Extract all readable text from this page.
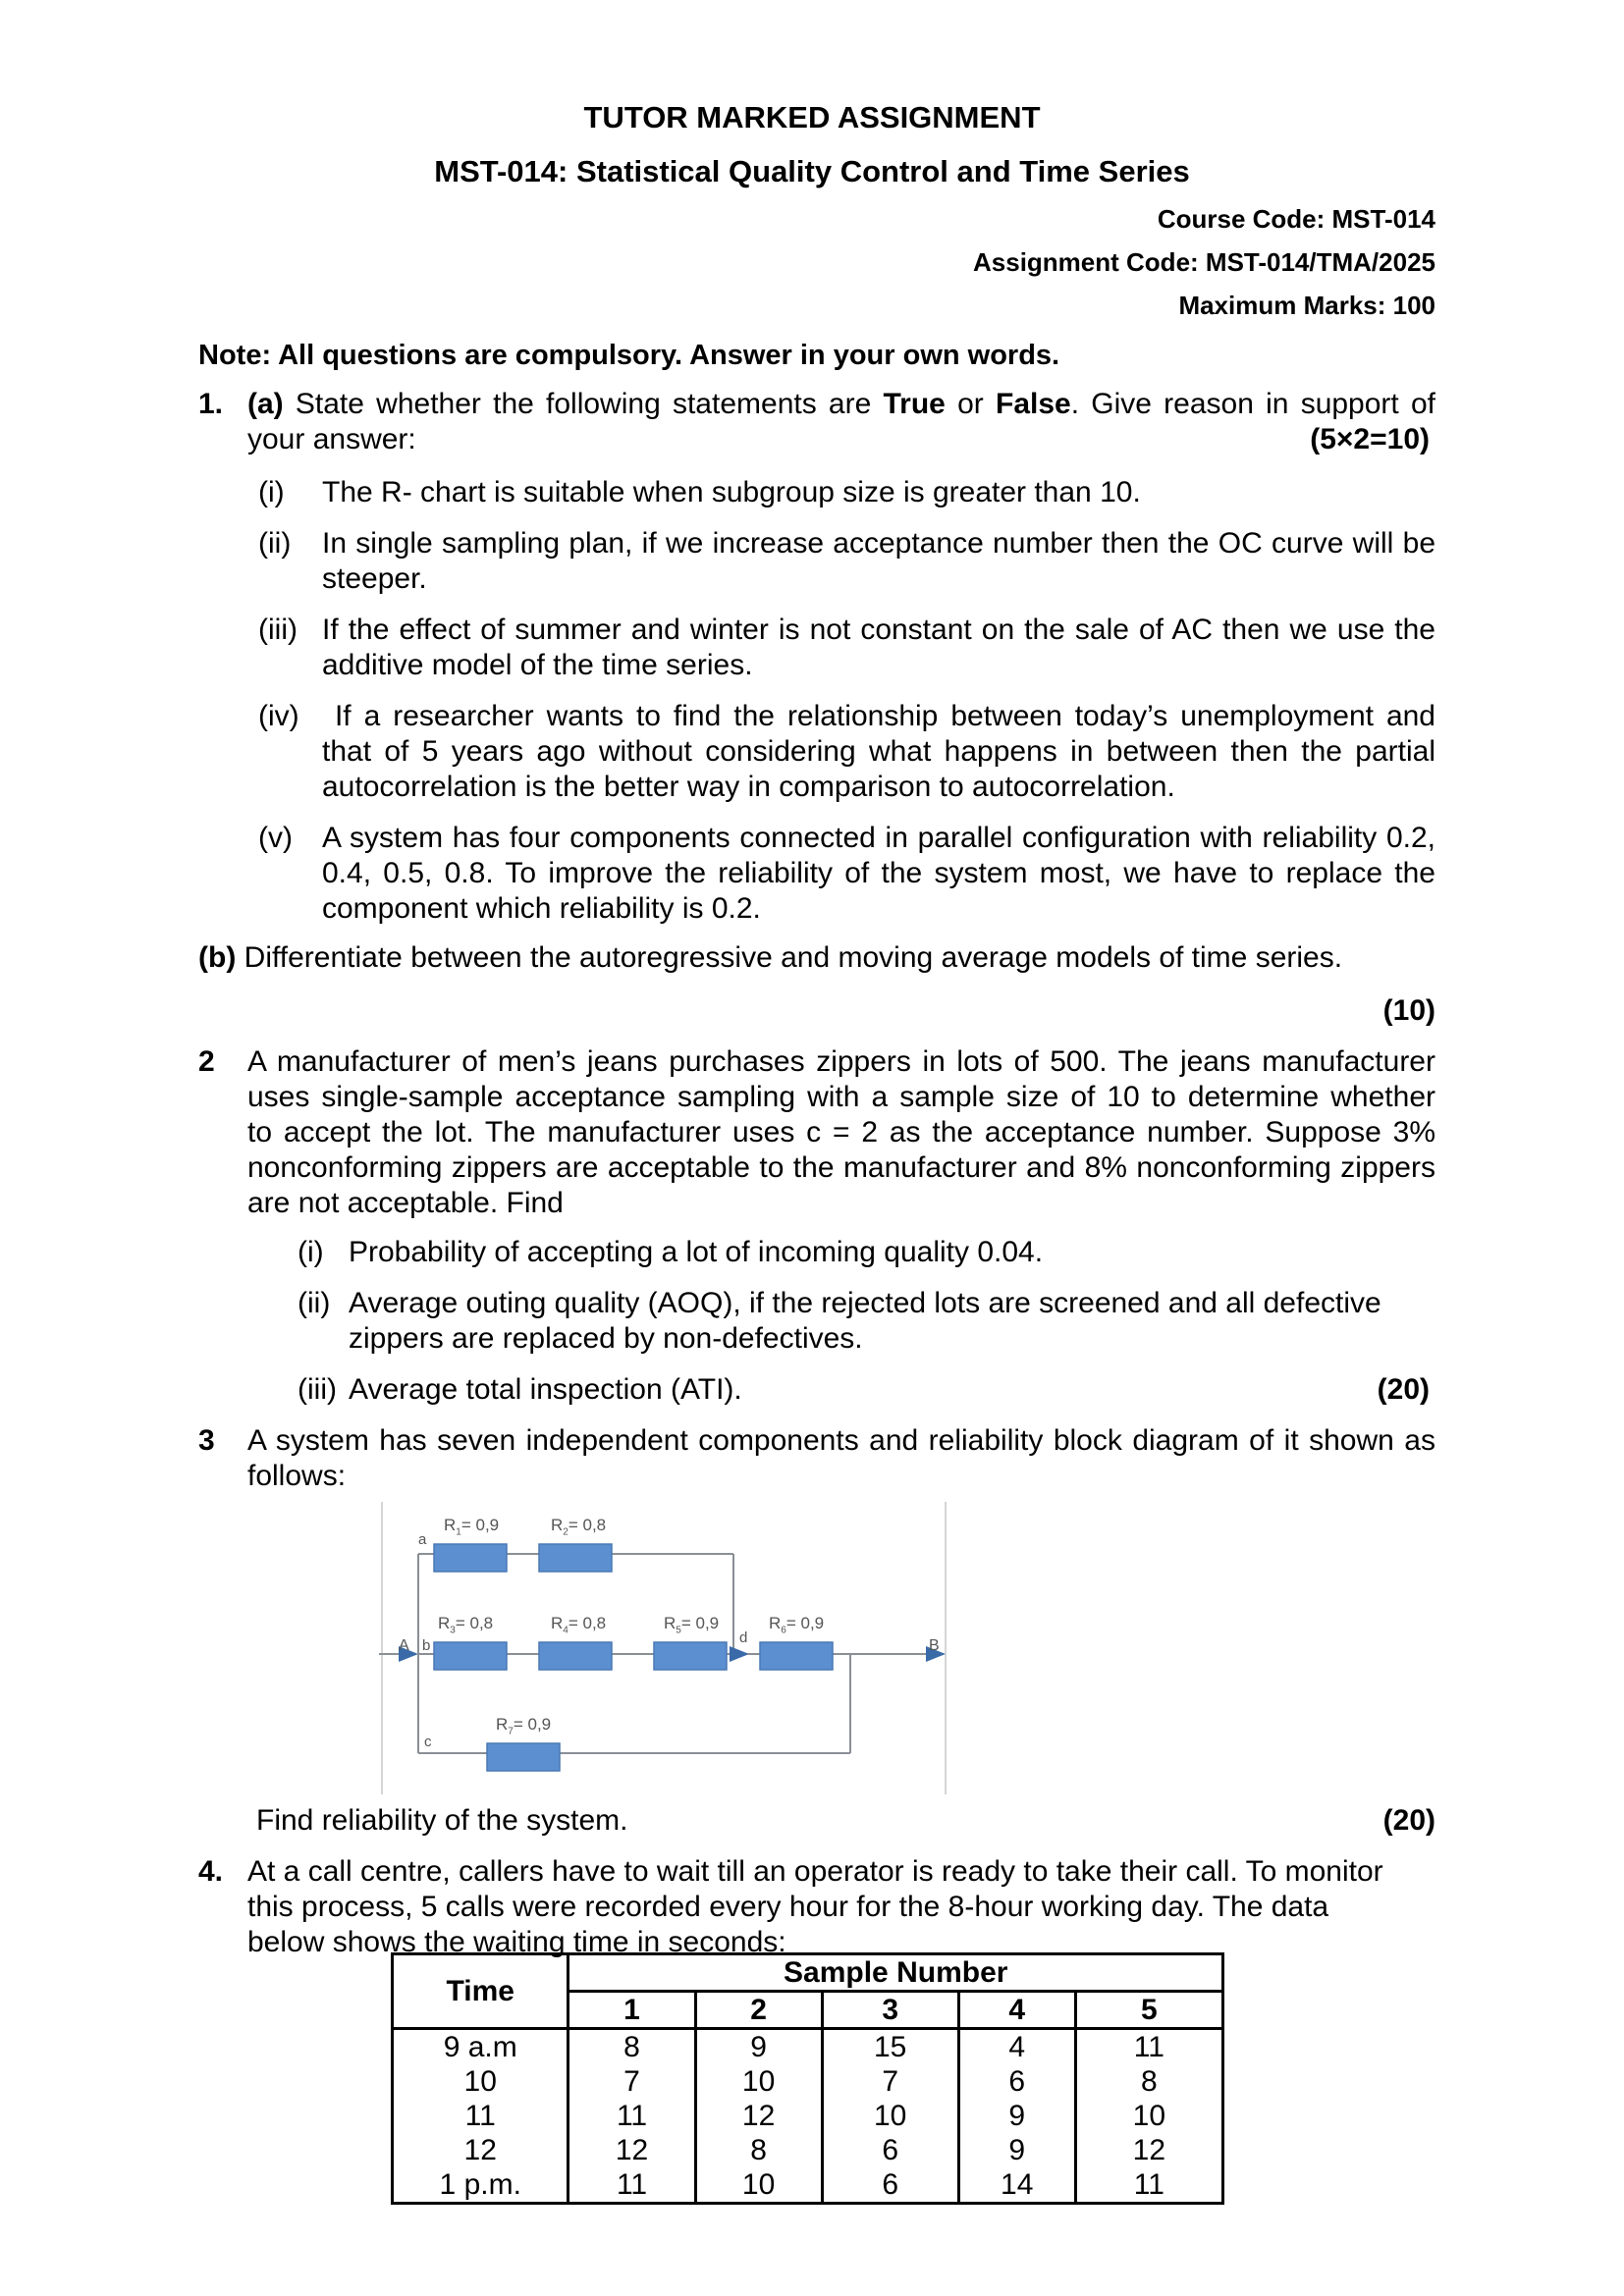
TUTOR MARKED ASSIGNMENT
MST-014: Statistical Quality Control and Time Series
Course Code: MST-014
Assignment Code: MST-014/TMA/2025
Maximum Marks: 100
Note: All questions are compulsory. Answer in your own words.
1. (a) State whether the following statements are True or False. Give reason in support of
your answer:	(5×2=10)
(i) The R- chart is suitable when subgroup size is greater than 10.
(ii) In single sampling plan, if we increase acceptance number then the OC curve will be
steeper.
(iii) If the effect of summer and winter is not constant on the sale of AC then we use the
additive model of the time series.
(iv) If a researcher wants to find the relationship between today’s unemployment and
that of 5 years ago without considering what happens in between then the partial
autocorrelation is the better way in comparison to autocorrelation.
(v) A system has four components connected in parallel configuration with reliability 0.2,
0.4, 0.5, 0.8. To improve the reliability of the system most, we have to replace the
component which reliability is 0.2.
(b) Differentiate between the autoregressive and moving average models of time series.
(10)
2 A manufacturer of men’s jeans purchases zippers in lots of 500. The jeans manufacturer
uses single-sample acceptance sampling with a sample size of 10 to determine whether
to accept the lot. The manufacturer uses c = 2 as the acceptance number. Suppose 3%
nonconforming zippers are acceptable to the manufacturer and 8% nonconforming zippers
are not acceptable. Find
(i) Probability of accepting a lot of incoming quality 0.04.
(ii) Average outing quality (AOQ), if the rejected lots are screened and all defective
zippers are replaced by non-defectives.
(iii) Average total inspection (ATI).	(20)
3 A system has seven independent components and reliability block diagram of it shown as
follows:
A	B
a
b
c
d
$R_1= 0,9$	$R_2= 0,8$
$R_3= 0,8$	$R_4= 0,8$	$R_5= 0,9$	$R_6= 0,9$
$R_7= 0,9$
Find reliability of the system.	(20)
4. At a call centre, callers have to wait till an operator is ready to take their call. To monitor
this process, 5 calls were recorded every hour for the 8-hour working day. The data
below shows the waiting time in seconds:
Time	Sample Number				
	1	2	3	4	5
9 a.m	8	9	15	4	11
10	7	10	7	6	8
11	11	12	10	9	10
12	12	8	6	9	12
1 p.m.	11	10	6	14	11
